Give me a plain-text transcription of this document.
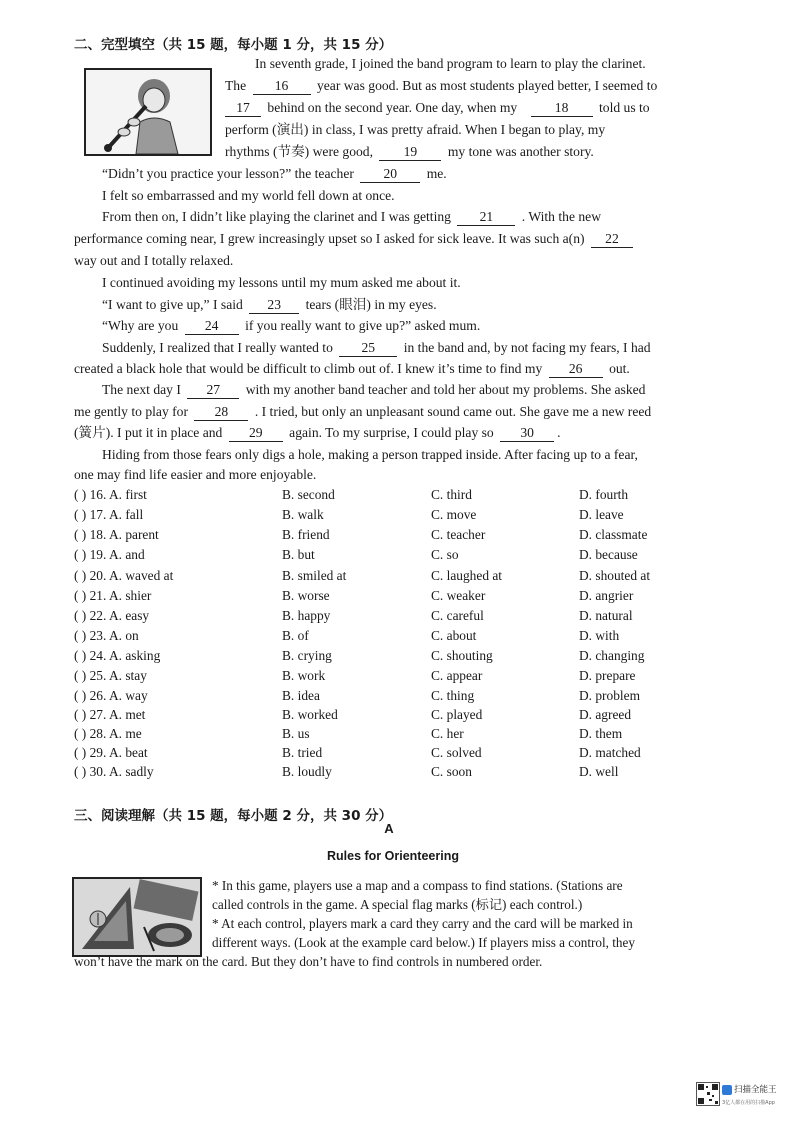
二、完型填空（共 15 题，每小题 1 分，共 15 分）
In seventh grade, I joined the band program to learn to play the clarinet.
The 16 year was good. But as most students played better, I seemed to
17 behind on the second year. One day, when my	18 told us to
perform (演出) in class, I was pretty afraid. When I began to play, my
rhythms (节奏) were good, 19 my tone was another story.
“Didn’t you practice your lesson?” the teacher 20 me.
I felt so embarrassed and my world fell down at once.
From then on, I didn’t like playing the clarinet and I was getting 21 . With the new
performance coming near, I grew increasingly upset so I asked for sick leave. It was such a(n) 22
way out and I totally relaxed.
I continued avoiding my lessons until my mum asked me about it.
“I want to give up,” I said 23 tears (眼泪) in my eyes.
“Why are you 24 if you really want to give up?” asked mum.
Suddenly, I realized that I really wanted to 25 in the band and, by not facing my fears, I had
created a black hole that would be difficult to climb out of. I knew it’s time to find my 26 out.
The next day I 27 with my another band teacher and told her about my problems. She asked
me gently to play for 28 . I tried, but only an unpleasant sound came out. She gave me a new reed
(簧片). I put it in place and 29 again. To my surprise, I could play so 30 .
Hiding from those fears only digs a hole, making a person trapped inside. After facing up to a fear,
one may find life easier and more enjoyable.
( ) 16. A. first	B. second	C. third	D. fourth
( ) 17. A. fall	B. walk	C. move	D. leave
( ) 18. A. parent	B. friend	C. teacher	D. classmate
( ) 19. A. and	B. but	C. so	D. because
( ) 20. A. waved at	B. smiled at	C. laughed at	D. shouted at
( ) 21. A. shier	B. worse	C. weaker	D. angrier
( ) 22. A. easy	B. happy	C. careful	D. natural
( ) 23. A. on	B. of	C. about	D. with
( ) 24. A. asking	B. crying	C. shouting	D. changing
( ) 25. A. stay	B. work	C. appear	D. prepare
( ) 26. A. way	B. idea	C. thing	D. problem
( ) 27. A. met	B. worked	C. played	D. agreed
( ) 28. A. me	B. us	C. her	D. them
( ) 29. A. beat	B. tried	C. solved	D. matched
( ) 30. A. sadly	B. loudly	C. soon	D. well
三、阅读理解（共 15 题，每小题 2 分，共 30 分）
A
Rules for Orienteering
* In this game, players use a map and a compass to find stations. (Stations are
called controls in the game. A special flag marks (标记) each control.)
* At each control, players mark a card they carry and the card will be marked in
different ways. (Look at the example card below.) If players miss a control, they
won’t have the mark on the card. But they don’t have to find controls in numbered order.
扫描全能王
3亿人都在用的扫描App
